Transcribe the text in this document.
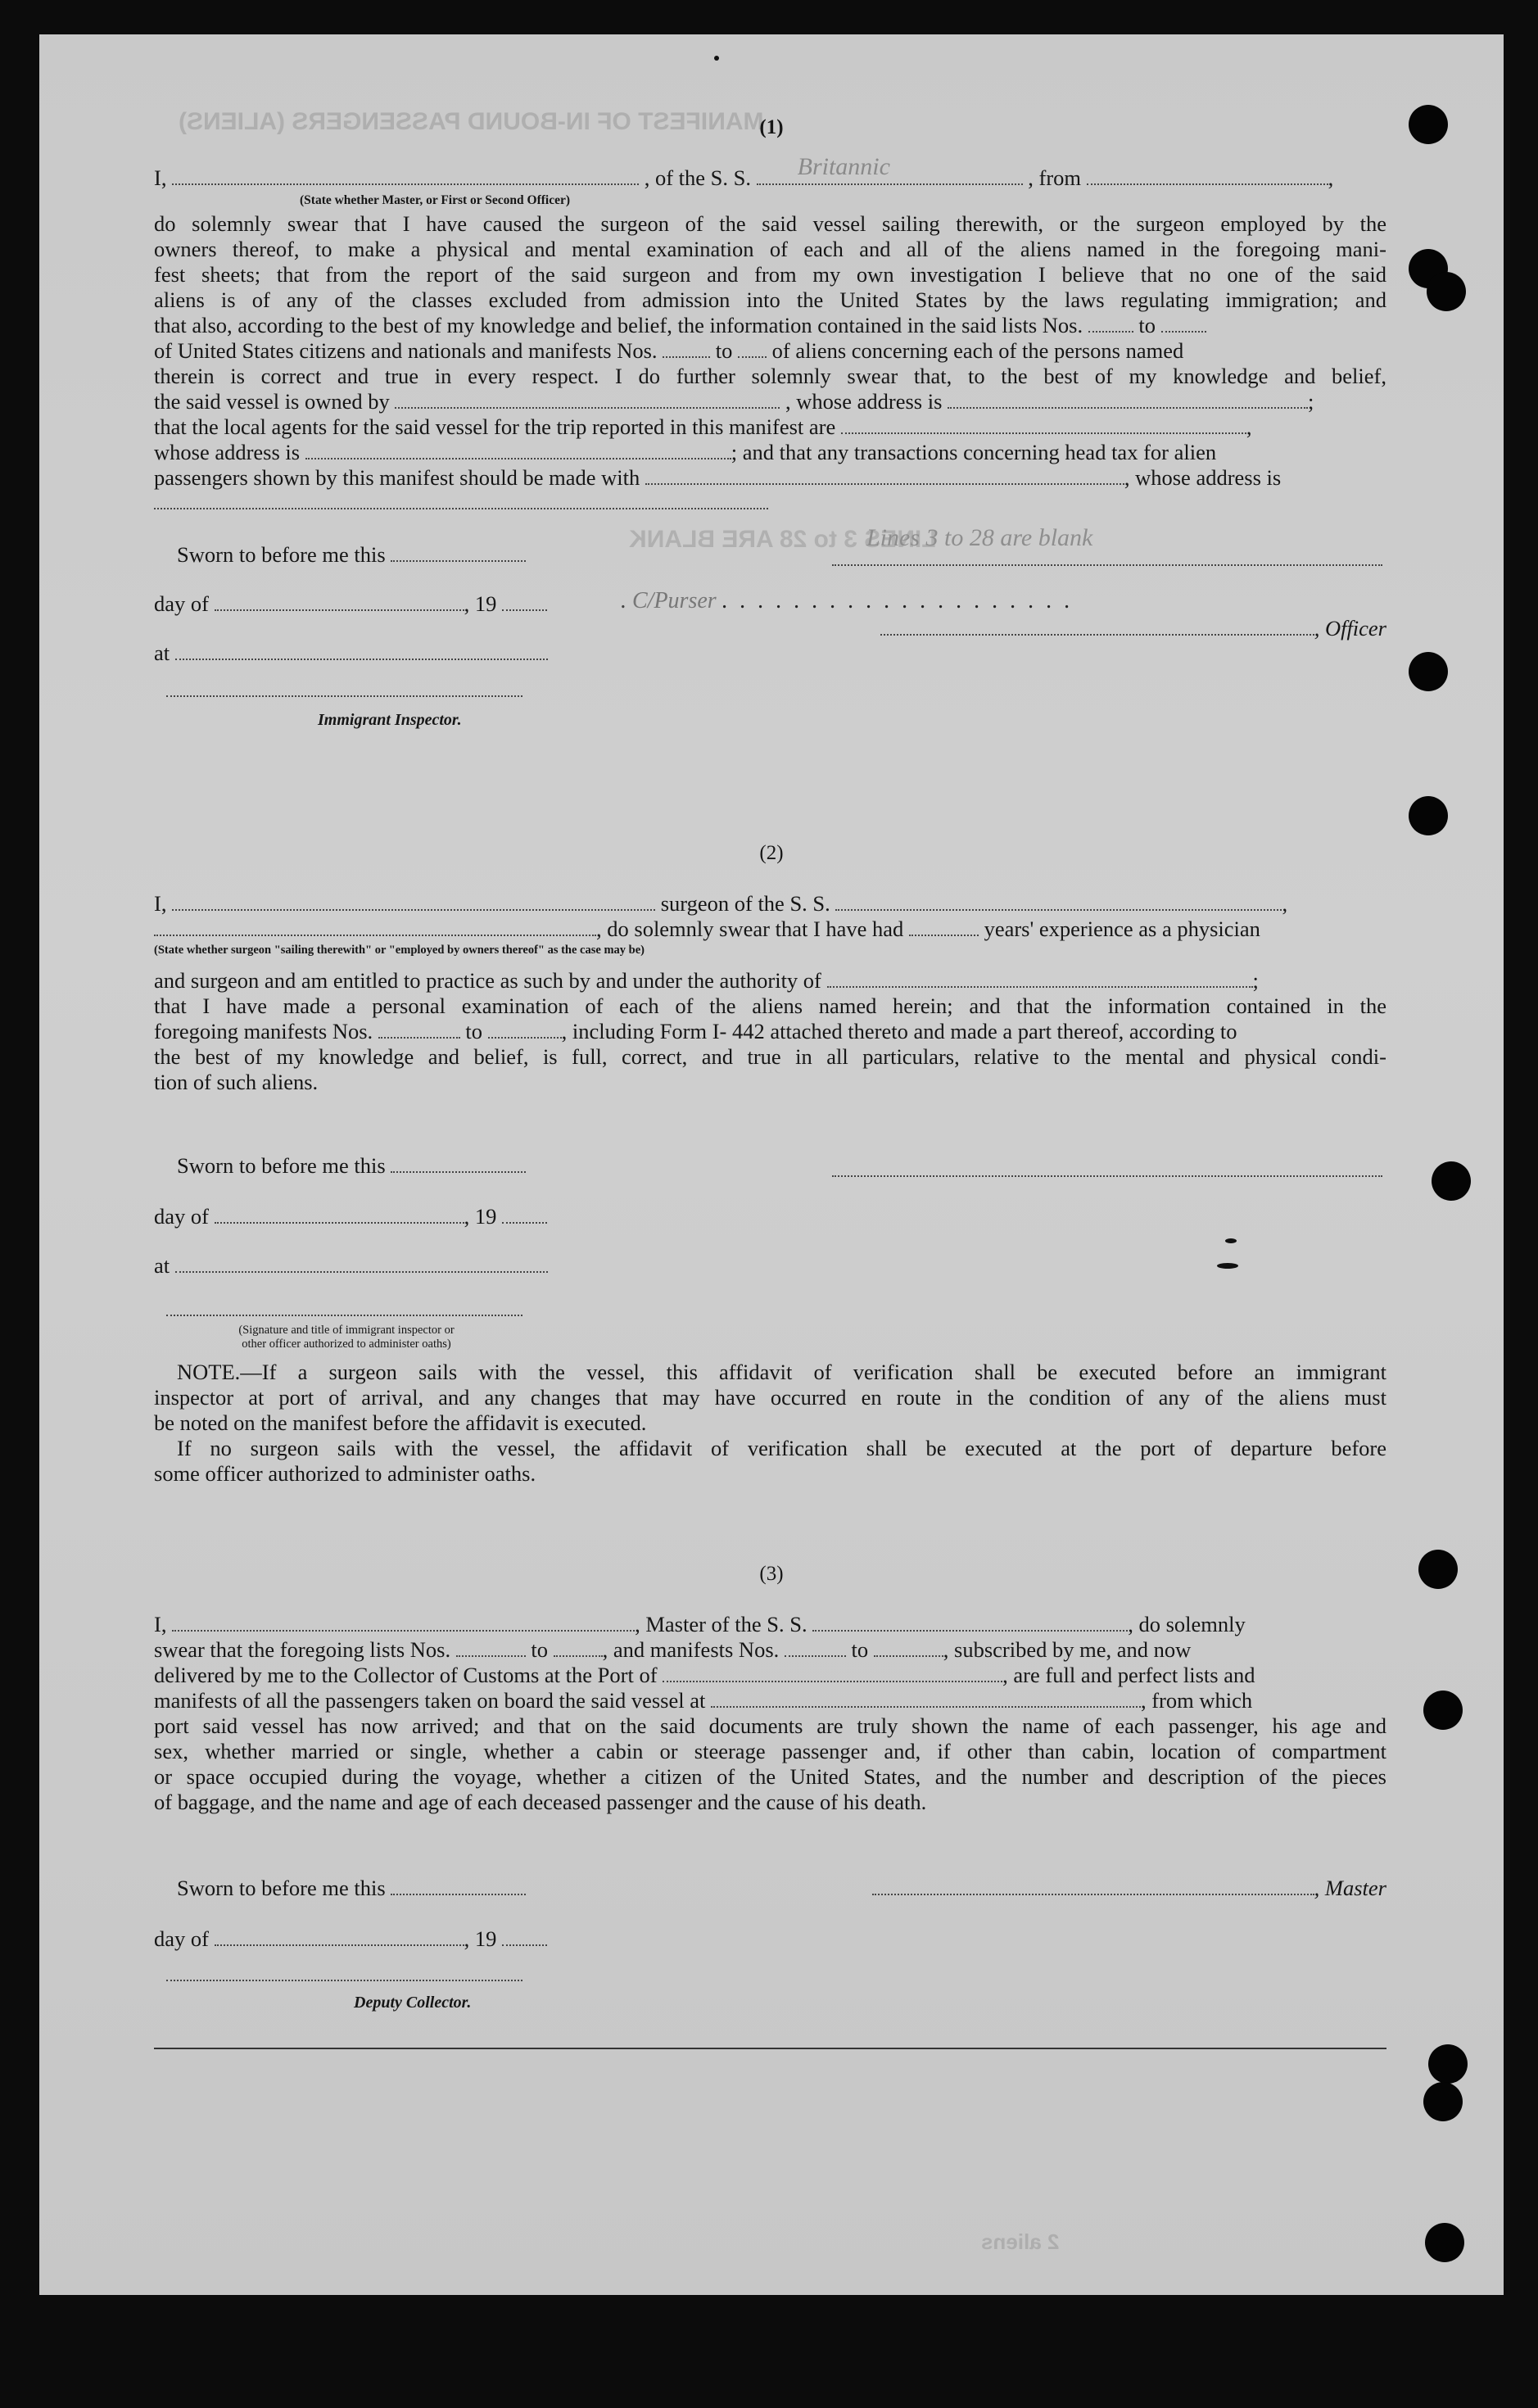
MANIFEST OF IN-BOUND PASSENGERS (ALIENS)
LINES 3 to 28 ARE BLANK
2 aliens
(1)
I,	, of the S. S. Britannic	, from	,
(State whether Master, or First or Second Officer)
do solemnly swear that I have caused the surgeon of the said vessel sailing therewith, or the surgeon employed by the
owners thereof, to make a physical and mental examination of each and all of the aliens named in the foregoing mani-
fest sheets; that from the report of the said surgeon and from my own investigation I believe that no one of the said
aliens is of any of the classes excluded from admission into the United States by the laws regulating immigration; and
that also, according to the best of my knowledge and belief, the information contained in the said lists Nos.	to
of United States citizens and nationals and manifests Nos.	to of aliens concerning each of the persons named
therein is correct and true in every respect. I do further solemnly swear that, to the best of my knowledge and belief,
the said vessel is owned by	, whose address is	;
that the local agents for the said vessel for the trip reported in this manifest are	,
whose address is	; and that any transactions concerning head tax for alien
passengers shown by this manifest should be made with	, whose address is
Sworn to before me this
Lines 3 to 28 are blank
day of	, 19	. C/Purser . . . . . . . . . . . . . . . . . . . .
, Officer
at
Immigrant Inspector.
(2)
I,	surgeon of the S. S.	,
, do solemnly swear that I have had	years' experience as a physician
(State whether surgeon "sailing therewith" or "employed by owners thereof" as the case may be)
and surgeon and am entitled to practice as such by and under the authority of	;
that I have made a personal examination of each of the aliens named herein; and that the information contained in the
foregoing manifests Nos.	to	, including Form I- 442 attached thereto and made a part thereof, according to
the best of my knowledge and belief, is full, correct, and true in all particulars, relative to the mental and physical condi-
tion of such aliens.
Sworn to before me this
day of	, 19
at
(Signature and title of immigrant inspector or
other officer authorized to administer oaths)
NOTE.—If a surgeon sails with the vessel, this affidavit of verification shall be executed before an immigrant
inspector at port of arrival, and any changes that may have occurred en route in the condition of any of the aliens must
be noted on the manifest before the affidavit is executed.
If no surgeon sails with the vessel, the affidavit of verification shall be executed at the port of departure before
some officer authorized to administer oaths.
(3)
I,	, Master of the S. S.	, do solemnly
swear that the foregoing lists Nos.	to	, and manifests Nos.	to	, subscribed by me, and now
delivered by me to the Collector of Customs at the Port of	, are full and perfect lists and
manifests of all the passengers taken on board the said vessel at	, from which
port said vessel has now arrived; and that on the said documents are truly shown the name of each passenger, his age and
sex, whether married or single, whether a cabin or steerage passenger and, if other than cabin, location of compartment
or space occupied during the voyage, whether a citizen of the United States, and the number and description of the pieces
of baggage, and the name and age of each deceased passenger and the cause of his death.
Sworn to before me this	, Master
day of	, 19
Deputy Collector.
